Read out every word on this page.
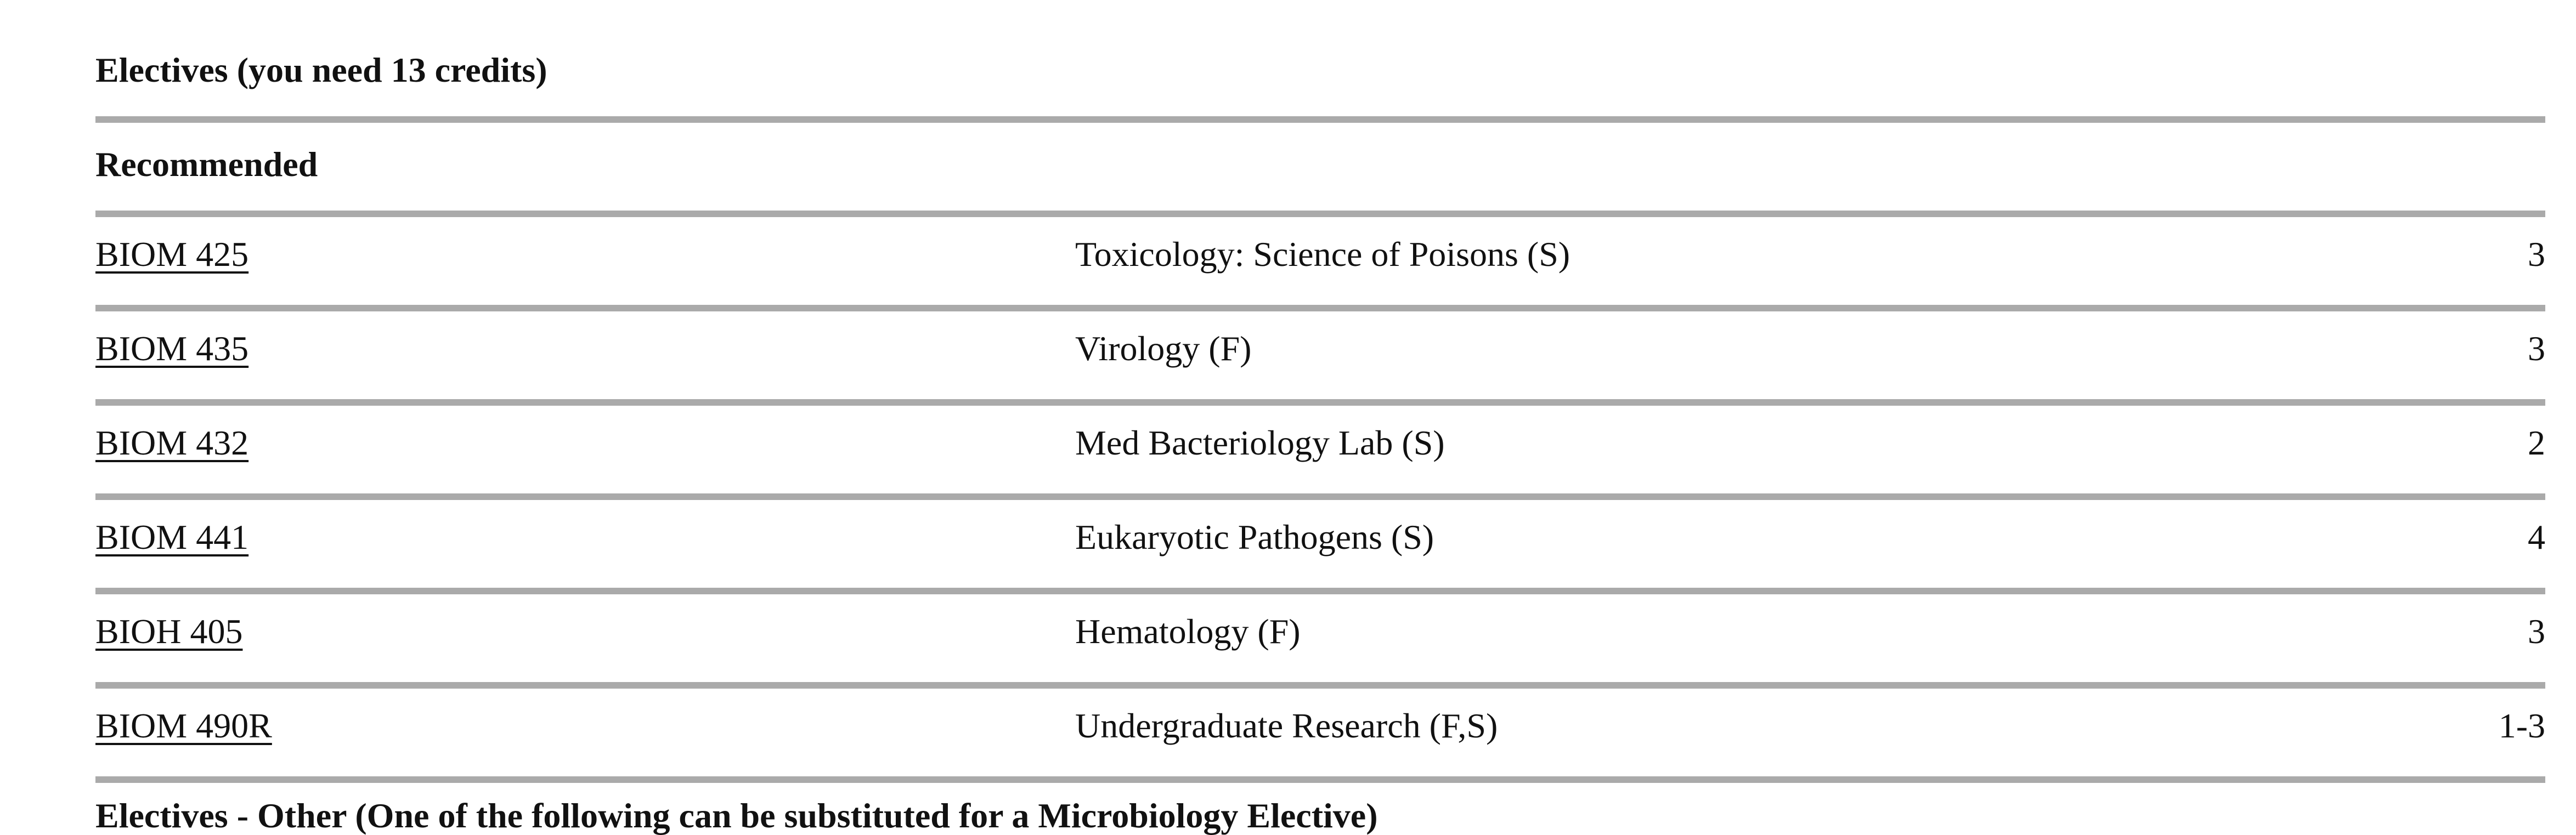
Electives (you need 13 credits)
Recommended
BIOM 425	Toxicology: Science of Poisons (S)	3
BIOM 435	Virology (F)	3
BIOM 432	Med Bacteriology Lab (S)	2
BIOM 441	Eukaryotic Pathogens (S)	4
BIOH 405	Hematology (F)	3
BIOM 490R	Undergraduate Research (F,S)	1-3
Electives - Other (One of the following can be substituted for a Microbiology Elective)
